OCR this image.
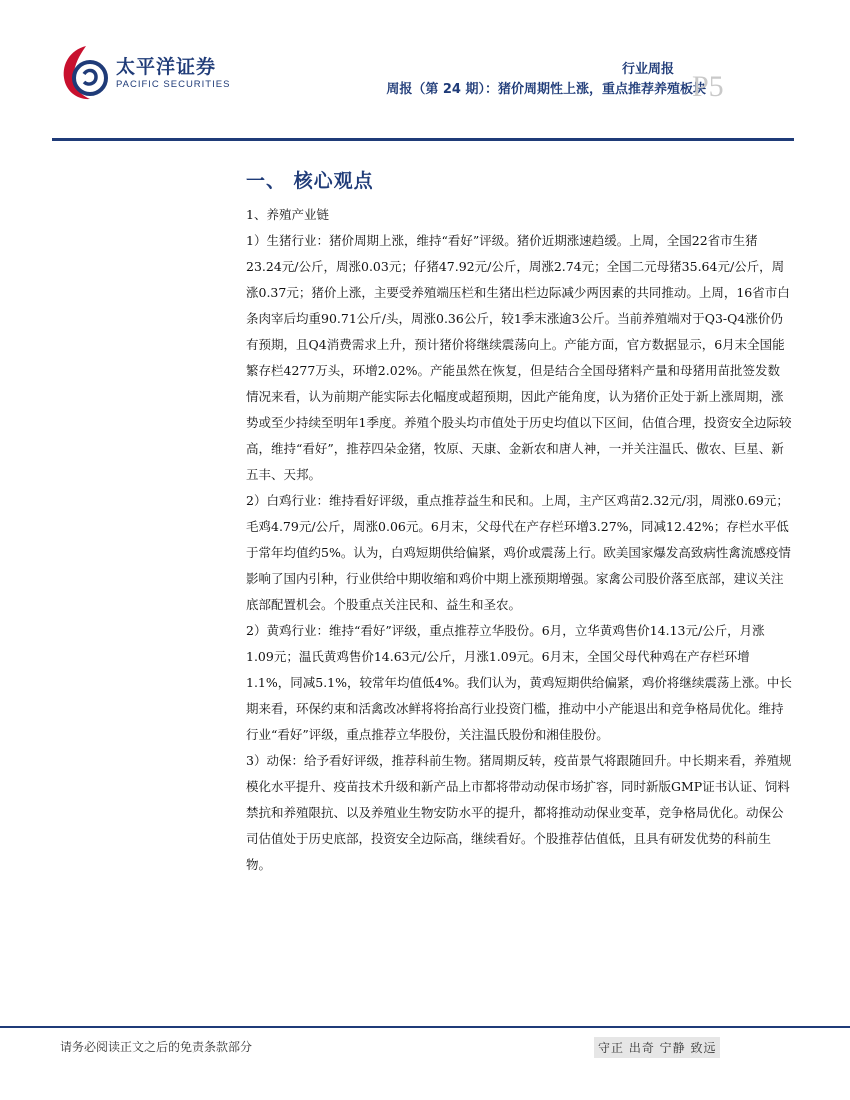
太平洋证券
PACIFIC SECURITIES
行业周报
周报（第 24 期）：猪价周期性上涨，重点推荐养殖板块
P5
一、 核心观点

1、养殖产业链

1）生猪行业：猪价周期上涨，维持“看好”评级。猪价近期涨速趋缓。上周，全国22省市生猪23.24元/公斤，周涨0.03元；仔猪47.92元/公斤，周涨2.74元；全国二元母猪35.64元/公斤，周涨0.37元；猪价上涨，主要受养殖端压栏和生猪出栏边际减少两因素的共同推动。上周，16省市白条肉宰后均重90.71公斤/头，周涨0.36公斤，较1季末涨逾3公斤。当前养殖端对于Q3-Q4涨价仍有预期，且Q4消费需求上升，预计猪价将继续震荡向上。产能方面，官方数据显示，6月末全国能繁存栏4277万头，环增2.02%。产能虽然在恢复，但是结合全国母猪料产量和母猪用苗批签发数情况来看，认为前期产能实际去化幅度或超预期，因此产能角度，认为猪价正处于新上涨周期，涨势或至少持续至明年1季度。养殖个股头均市值处于历史均值以下区间，估值合理，投资安全边际较高，维持“看好”，推荐四朵金猪，牧原、天康、金新农和唐人神，一并关注温氏、傲农、巨星、新五丰、天邦。

2）白鸡行业：维持看好评级，重点推荐益生和民和。上周，主产区鸡苗2.32元/羽，周涨0.69元；毛鸡4.79元/公斤，周涨0.06元。6月末，父母代在产存栏环增3.27%，同减12.42%；存栏水平低于常年均值约5%。认为，白鸡短期供给偏紧，鸡价或震荡上行。欧美国家爆发高致病性禽流感疫情影响了国内引种，行业供给中期收缩和鸡价中期上涨预期增强。家禽公司股价落至底部，建议关注底部配置机会。个股重点关注民和、益生和圣农。

2）黄鸡行业：维持“看好”评级，重点推荐立华股份。6月，立华黄鸡售价14.13元/公斤，月涨1.09元；温氏黄鸡售价14.63元/公斤，月涨1.09元。6月末，全国父母代种鸡在产存栏环增1.1%，同减5.1%，较常年均值低4%。我们认为，黄鸡短期供给偏紧，鸡价将继续震荡上涨。中长期来看，环保约束和活禽改冰鲜将将抬高行业投资门槛，推动中小产能退出和竞争格局优化。维持行业“看好”评级，重点推荐立华股份，关注温氏股份和湘佳股份。

3）动保：给予看好评级，推荐科前生物。猪周期反转，疫苗景气将跟随回升。中长期来看，养殖规模化水平提升、疫苗技术升级和新产品上市都将带动动保市场扩容，同时新版GMP证书认证、饲料禁抗和养殖限抗、以及养殖业生物安防水平的提升，都将推动动保业变革，竞争格局优化。动保公司估值处于历史底部，投资安全边际高，继续看好。个股推荐估值低，且具有研发优势的科前生物。

请务必阅读正文之后的免责条款部分	守正 出奇 宁静 致远
